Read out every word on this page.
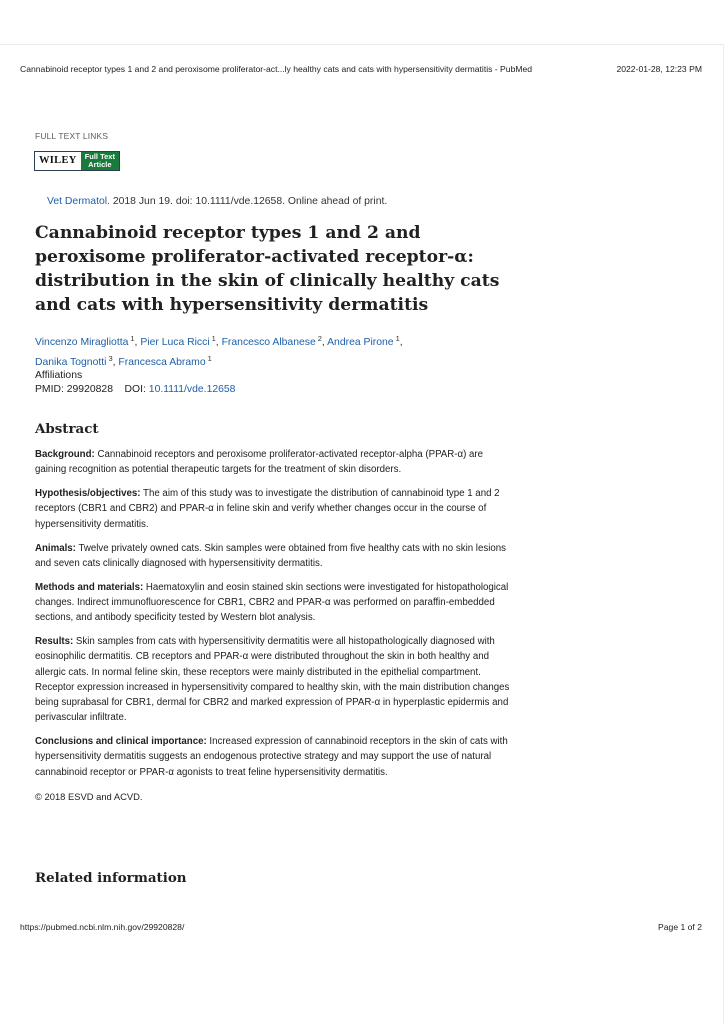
Cannabinoid receptor types 1 and 2 and peroxisome proliferator-act...ly healthy cats and cats with hypersensitivity dermatitis - PubMed	2022-01-28, 12:23 PM
FULL TEXT LINKS
WILEY	Full Text
Article
Vet Dermatol. 2018 Jun 19. doi: 10.1111/vde.12658. Online ahead of print.
Cannabinoid receptor types 1 and 2 and peroxisome proliferator-activated receptor-α: distribution in the skin of clinically healthy cats and cats with hypersensitivity dermatitis
Vincenzo Miragliotta $^1$, Pier Luca Ricci $^1$, Francesco Albanese $^2$, Andrea Pirone $^1$,
Danika Tognotti $^3$, Francesca Abramo $^1$
Affiliations
PMID: 29920828 DOI: 10.1111/vde.12658
Abstract

Background: Cannabinoid receptors and peroxisome proliferator-activated receptor-alpha (PPAR-α) are gaining recognition as potential therapeutic targets for the treatment of skin disorders.

Hypothesis/objectives: The aim of this study was to investigate the distribution of cannabinoid type 1 and 2 receptors (CBR1 and CBR2) and PPAR-α in feline skin and verify whether changes occur in the course of hypersensitivity dermatitis.

Animals: Twelve privately owned cats. Skin samples were obtained from five healthy cats with no skin lesions and seven cats clinically diagnosed with hypersensitivity dermatitis.

Methods and materials: Haematoxylin and eosin stained skin sections were investigated for histopathological changes. Indirect immunofluorescence for CBR1, CBR2 and PPAR-α was performed on paraffin-embedded sections, and antibody specificity tested by Western blot analysis.

Results: Skin samples from cats with hypersensitivity dermatitis were all histopathologically diagnosed with eosinophilic dermatitis. CB receptors and PPAR-α were distributed throughout the skin in both healthy and allergic cats. In normal feline skin, these receptors were mainly distributed in the epithelial compartment. Receptor expression increased in hypersensitivity compared to healthy skin, with the main distribution changes being suprabasal for CBR1, dermal for CBR2 and marked expression of PPAR-α in hyperplastic epidermis and perivascular infiltrate.

Conclusions and clinical importance: Increased expression of cannabinoid receptors in the skin of cats with hypersensitivity dermatitis suggests an endogenous protective strategy and may support the use of natural cannabinoid receptor or PPAR-α agonists to treat feline hypersensitivity dermatitis.

© 2018 ESVD and ACVD.

Related information
https://pubmed.ncbi.nlm.nih.gov/29920828/	Page 1 of 2
